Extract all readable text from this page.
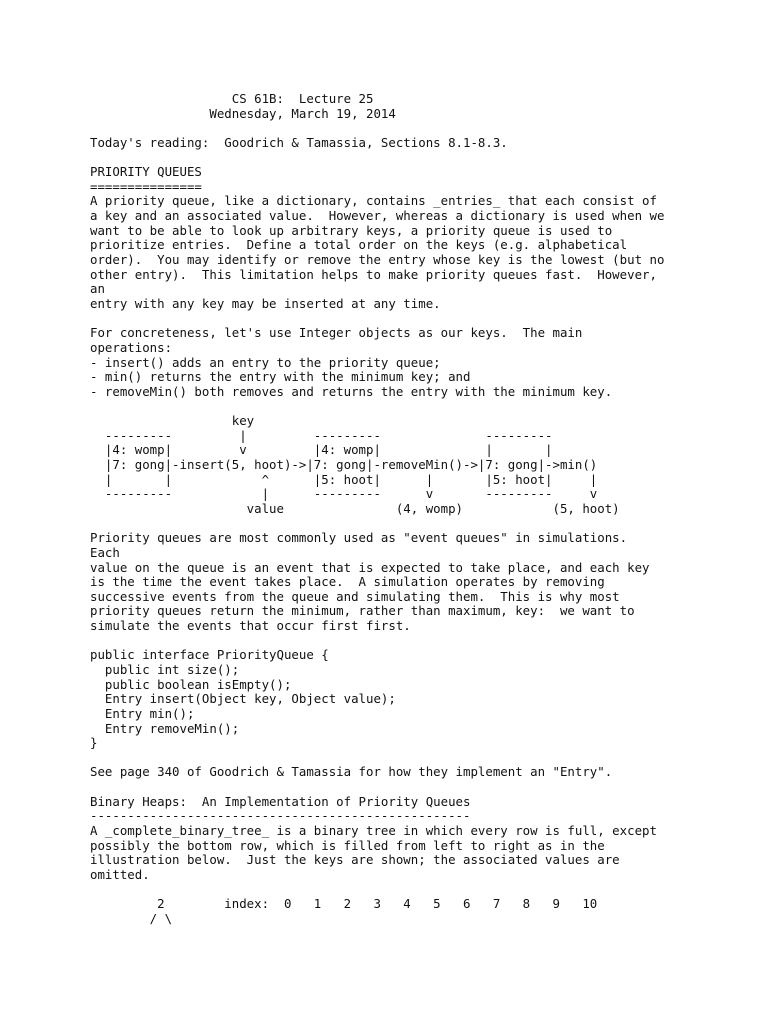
CS 61B:  Lecture 25
Wednesday, March 19, 2014
Today's reading:  Goodrich & Tamassia, Sections 8.1-8.3.
PRIORITY QUEUES
===============
A priority queue, like a dictionary, contains _entries_ that each consist of
a key and an associated value.  However, whereas a dictionary is used when we
want to be able to look up arbitrary keys, a priority queue is used to
prioritize entries.  Define a total order on the keys (e.g. alphabetical
order).  You may identify or remove the entry whose key is the lowest (but no
other entry).  This limitation helps to make priority queues fast.  However,
an
entry with any key may be inserted at any time.
For concreteness, let's use Integer objects as our keys.  The main
operations:
- insert() adds an entry to the priority queue;
- min() returns the entry with the minimum key; and
- removeMin() both removes and returns the entry with the minimum key.
key
---------         |         ---------              ---------
|4: womp|         v         |4: womp|              |       |
|7: gong|-insert(5, hoot)->|7: gong|-removeMin()->|7: gong|->min()
|       |            ^      |5: hoot|      |       |5: hoot|     |
---------            |      ---------      v       ---------     v
value               (4, womp)            (5, hoot)
Priority queues are most commonly used as "event queues" in simulations.
Each
value on the queue is an event that is expected to take place, and each key
is the time the event takes place.  A simulation operates by removing
successive events from the queue and simulating them.  This is why most
priority queues return the minimum, rather than maximum, key:  we want to
simulate the events that occur first first.
public interface PriorityQueue {
public int size();
public boolean isEmpty();
Entry insert(Object key, Object value);
Entry min();
Entry removeMin();
}
See page 340 of Goodrich & Tamassia for how they implement an "Entry".
Binary Heaps:  An Implementation of Priority Queues
---------------------------------------------------
A _complete_binary_tree_ is a binary tree in which every row is full, except
possibly the bottom row, which is filled from left to right as in the
illustration below.  Just the keys are shown; the associated values are
omitted.
2        index:  0   1   2   3   4   5   6   7   8   9   10
/ \
